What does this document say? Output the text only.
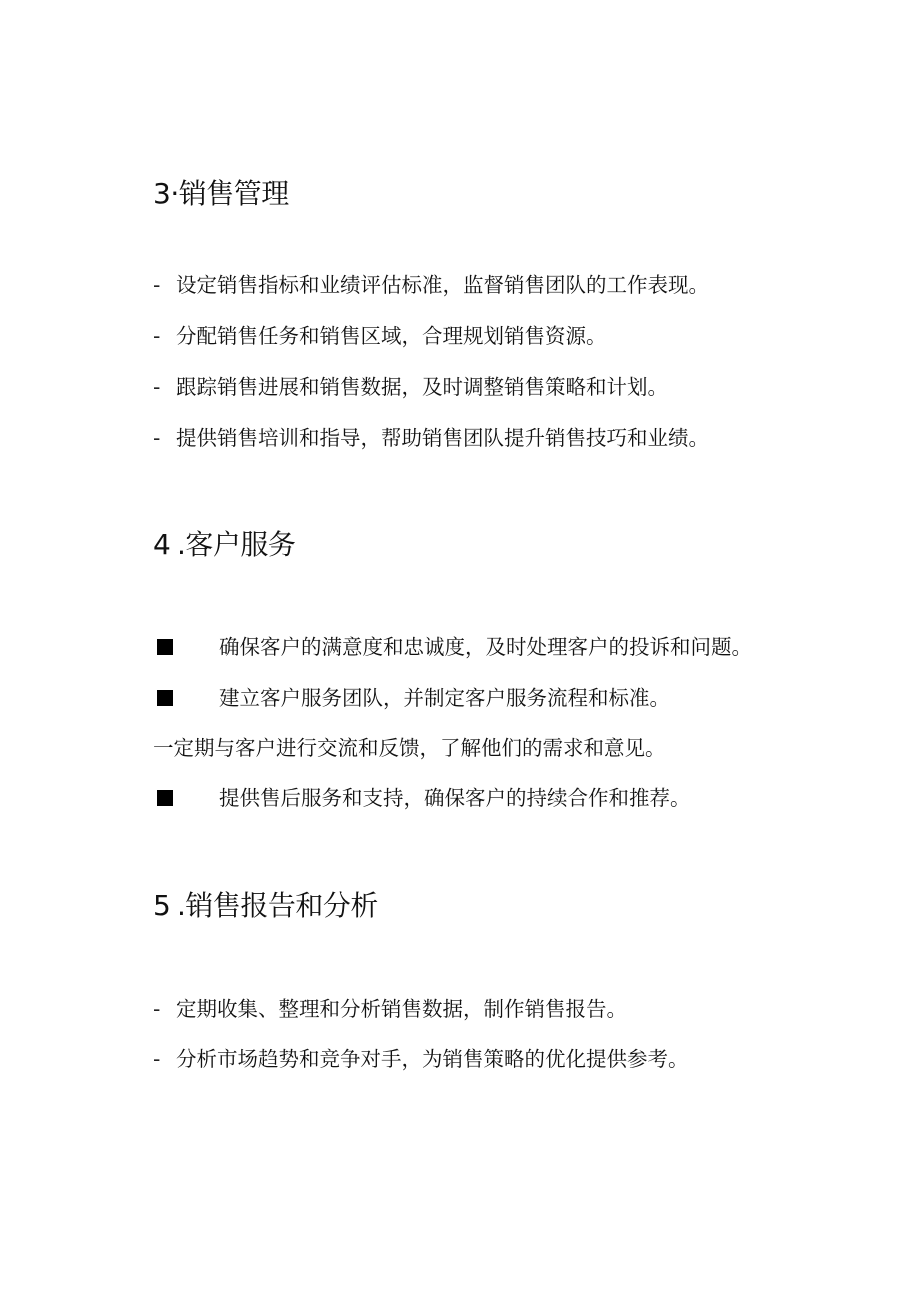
3·销售管理
- 设定销售指标和业绩评估标准，监督销售团队的工作表现。
- 分配销售任务和销售区域，合理规划销售资源。
- 跟踪销售进展和销售数据，及时调整销售策略和计划。
- 提供销售培训和指导，帮助销售团队提升销售技巧和业绩。
4 .客户服务
确保客户的满意度和忠诚度，及时处理客户的投诉和问题。
建立客户服务团队，并制定客户服务流程和标准。
一定期与客户进行交流和反馈，了解他们的需求和意见。
提供售后服务和支持，确保客户的持续合作和推荐。
5 .销售报告和分析
- 定期收集、整理和分析销售数据，制作销售报告。
- 分析市场趋势和竞争对手，为销售策略的优化提供参考。
